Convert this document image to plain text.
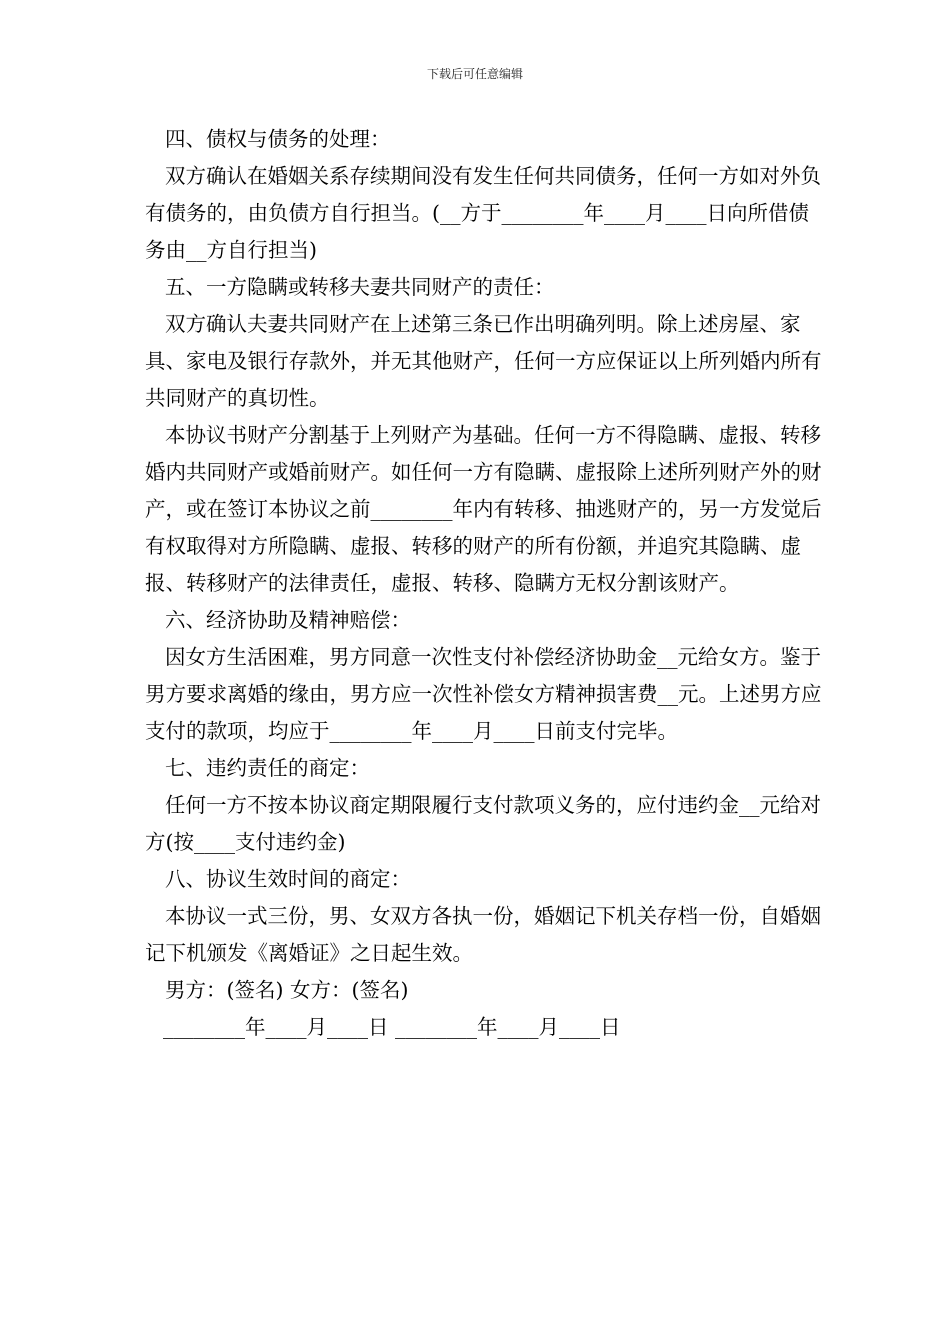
下载后可任意编辑

四、债权与债务的处理：

双方确认在婚姻关系存续期间没有发生任何共同债务，任何一方如对外负有债务的，由负债方自行担当。(__方于________年____月____日向所借债务由__方自行担当)

五、一方隐瞒或转移夫妻共同财产的责任：

双方确认夫妻共同财产在上述第三条已作出明确列明。除上述房屋、家具、家电及银行存款外，并无其他财产，任何一方应保证以上所列婚内所有共同财产的真切性。

本协议书财产分割基于上列财产为基础。任何一方不得隐瞒、虚报、转移婚内共同财产或婚前财产。如任何一方有隐瞒、虚报除上述所列财产外的财产，或在签订本协议之前________年内有转移、抽逃财产的，另一方发觉后有权取得对方所隐瞒、虚报、转移的财产的所有份额，并追究其隐瞒、虚报、转移财产的法律责任，虚报、转移、隐瞒方无权分割该财产。

六、经济协助及精神赔偿：

因女方生活困难，男方同意一次性支付补偿经济协助金__元给女方。鉴于男方要求离婚的缘由，男方应一次性补偿女方精神损害费__元。上述男方应支付的款项，均应于________年____月____日前支付完毕。

七、违约责任的商定：

任何一方不按本协议商定期限履行支付款项义务的，应付违约金__元给对方(按____支付违约金)

八、协议生效时间的商定：

本协议一式三份，男、女双方各执一份，婚姻记下机关存档一份，自婚姻记下机颁发《离婚证》之日起生效。

男方：(签名) 女方：(签名)

________年____月____日 ________年____月____日
